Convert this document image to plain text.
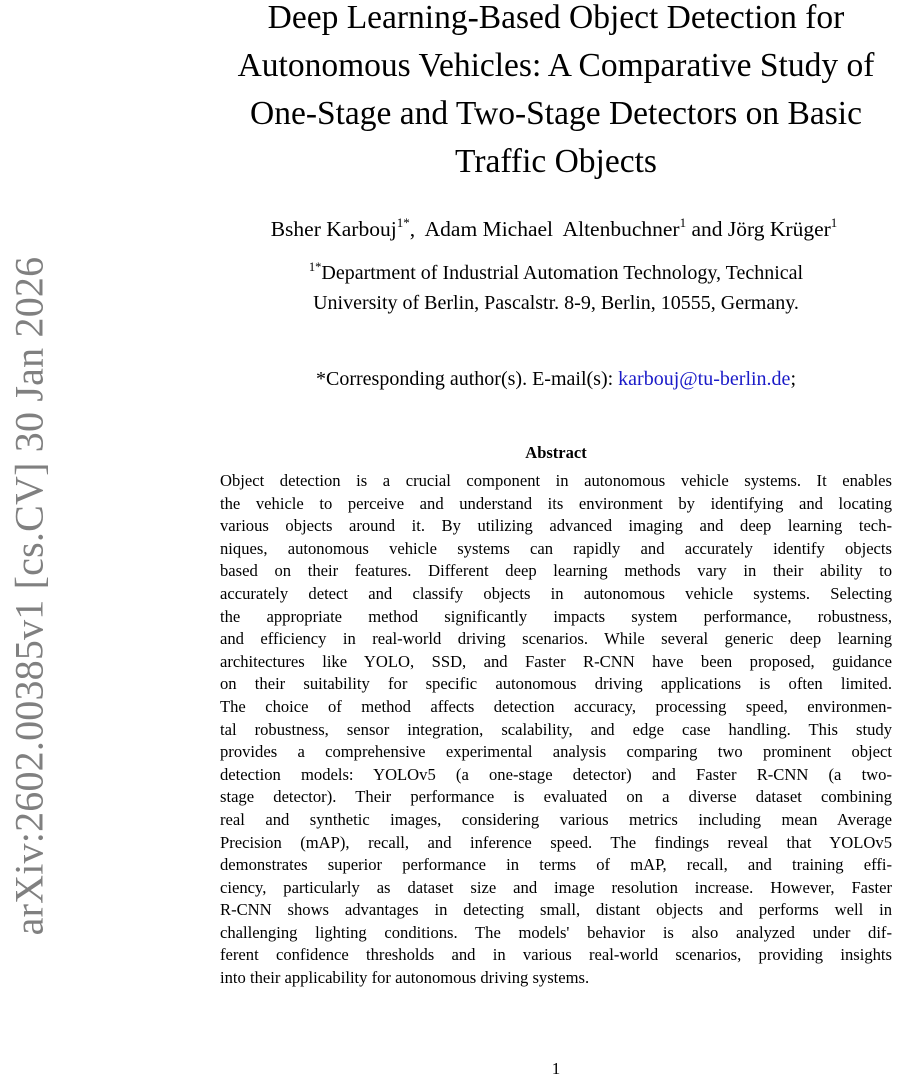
arXiv:2602.00385v1 [cs.CV] 30 Jan 2026
Deep Learning-Based Object Detection for
Autonomous Vehicles: A Comparative Study of
One-Stage and Two-Stage Detectors on Basic
Traffic Objects
Bsher Karbouj$^{1*}$,  Adam Michael  Altenbuchner$^1$ and Jörg Krüger$^1$
$^{1*}$Department of Industrial Automation Technology, Technical
University of Berlin, Pascalstr. 8-9, Berlin, 10555, Germany.
*Corresponding author(s). E-mail(s): karbouj@tu-berlin.de;
Abstract
Object detection is a crucial component in autonomous vehicle systems. It enables
the vehicle to perceive and understand its environment by identifying and locating
various objects around it. By utilizing advanced imaging and deep learning tech-
niques, autonomous vehicle systems can rapidly and accurately identify objects
based on their features. Different deep learning methods vary in their ability to
accurately detect and classify objects in autonomous vehicle systems. Selecting
the appropriate method significantly impacts system performance, robustness,
and efficiency in real-world driving scenarios. While several generic deep learning
architectures like YOLO, SSD, and Faster R-CNN have been proposed, guidance
on their suitability for specific autonomous driving applications is often limited.
The choice of method affects detection accuracy, processing speed, environmen-
tal robustness, sensor integration, scalability, and edge case handling. This study
provides a comprehensive experimental analysis comparing two prominent object
detection models: YOLOv5 (a one-stage detector) and Faster R-CNN (a two-
stage detector). Their performance is evaluated on a diverse dataset combining
real and synthetic images, considering various metrics including mean Average
Precision (mAP), recall, and inference speed. The findings reveal that YOLOv5
demonstrates superior performance in terms of mAP, recall, and training effi-
ciency, particularly as dataset size and image resolution increase. However, Faster
R-CNN shows advantages in detecting small, distant objects and performs well in
challenging lighting conditions. The models' behavior is also analyzed under dif-
ferent confidence thresholds and in various real-world scenarios, providing insights
into their applicability for autonomous driving systems.
1
